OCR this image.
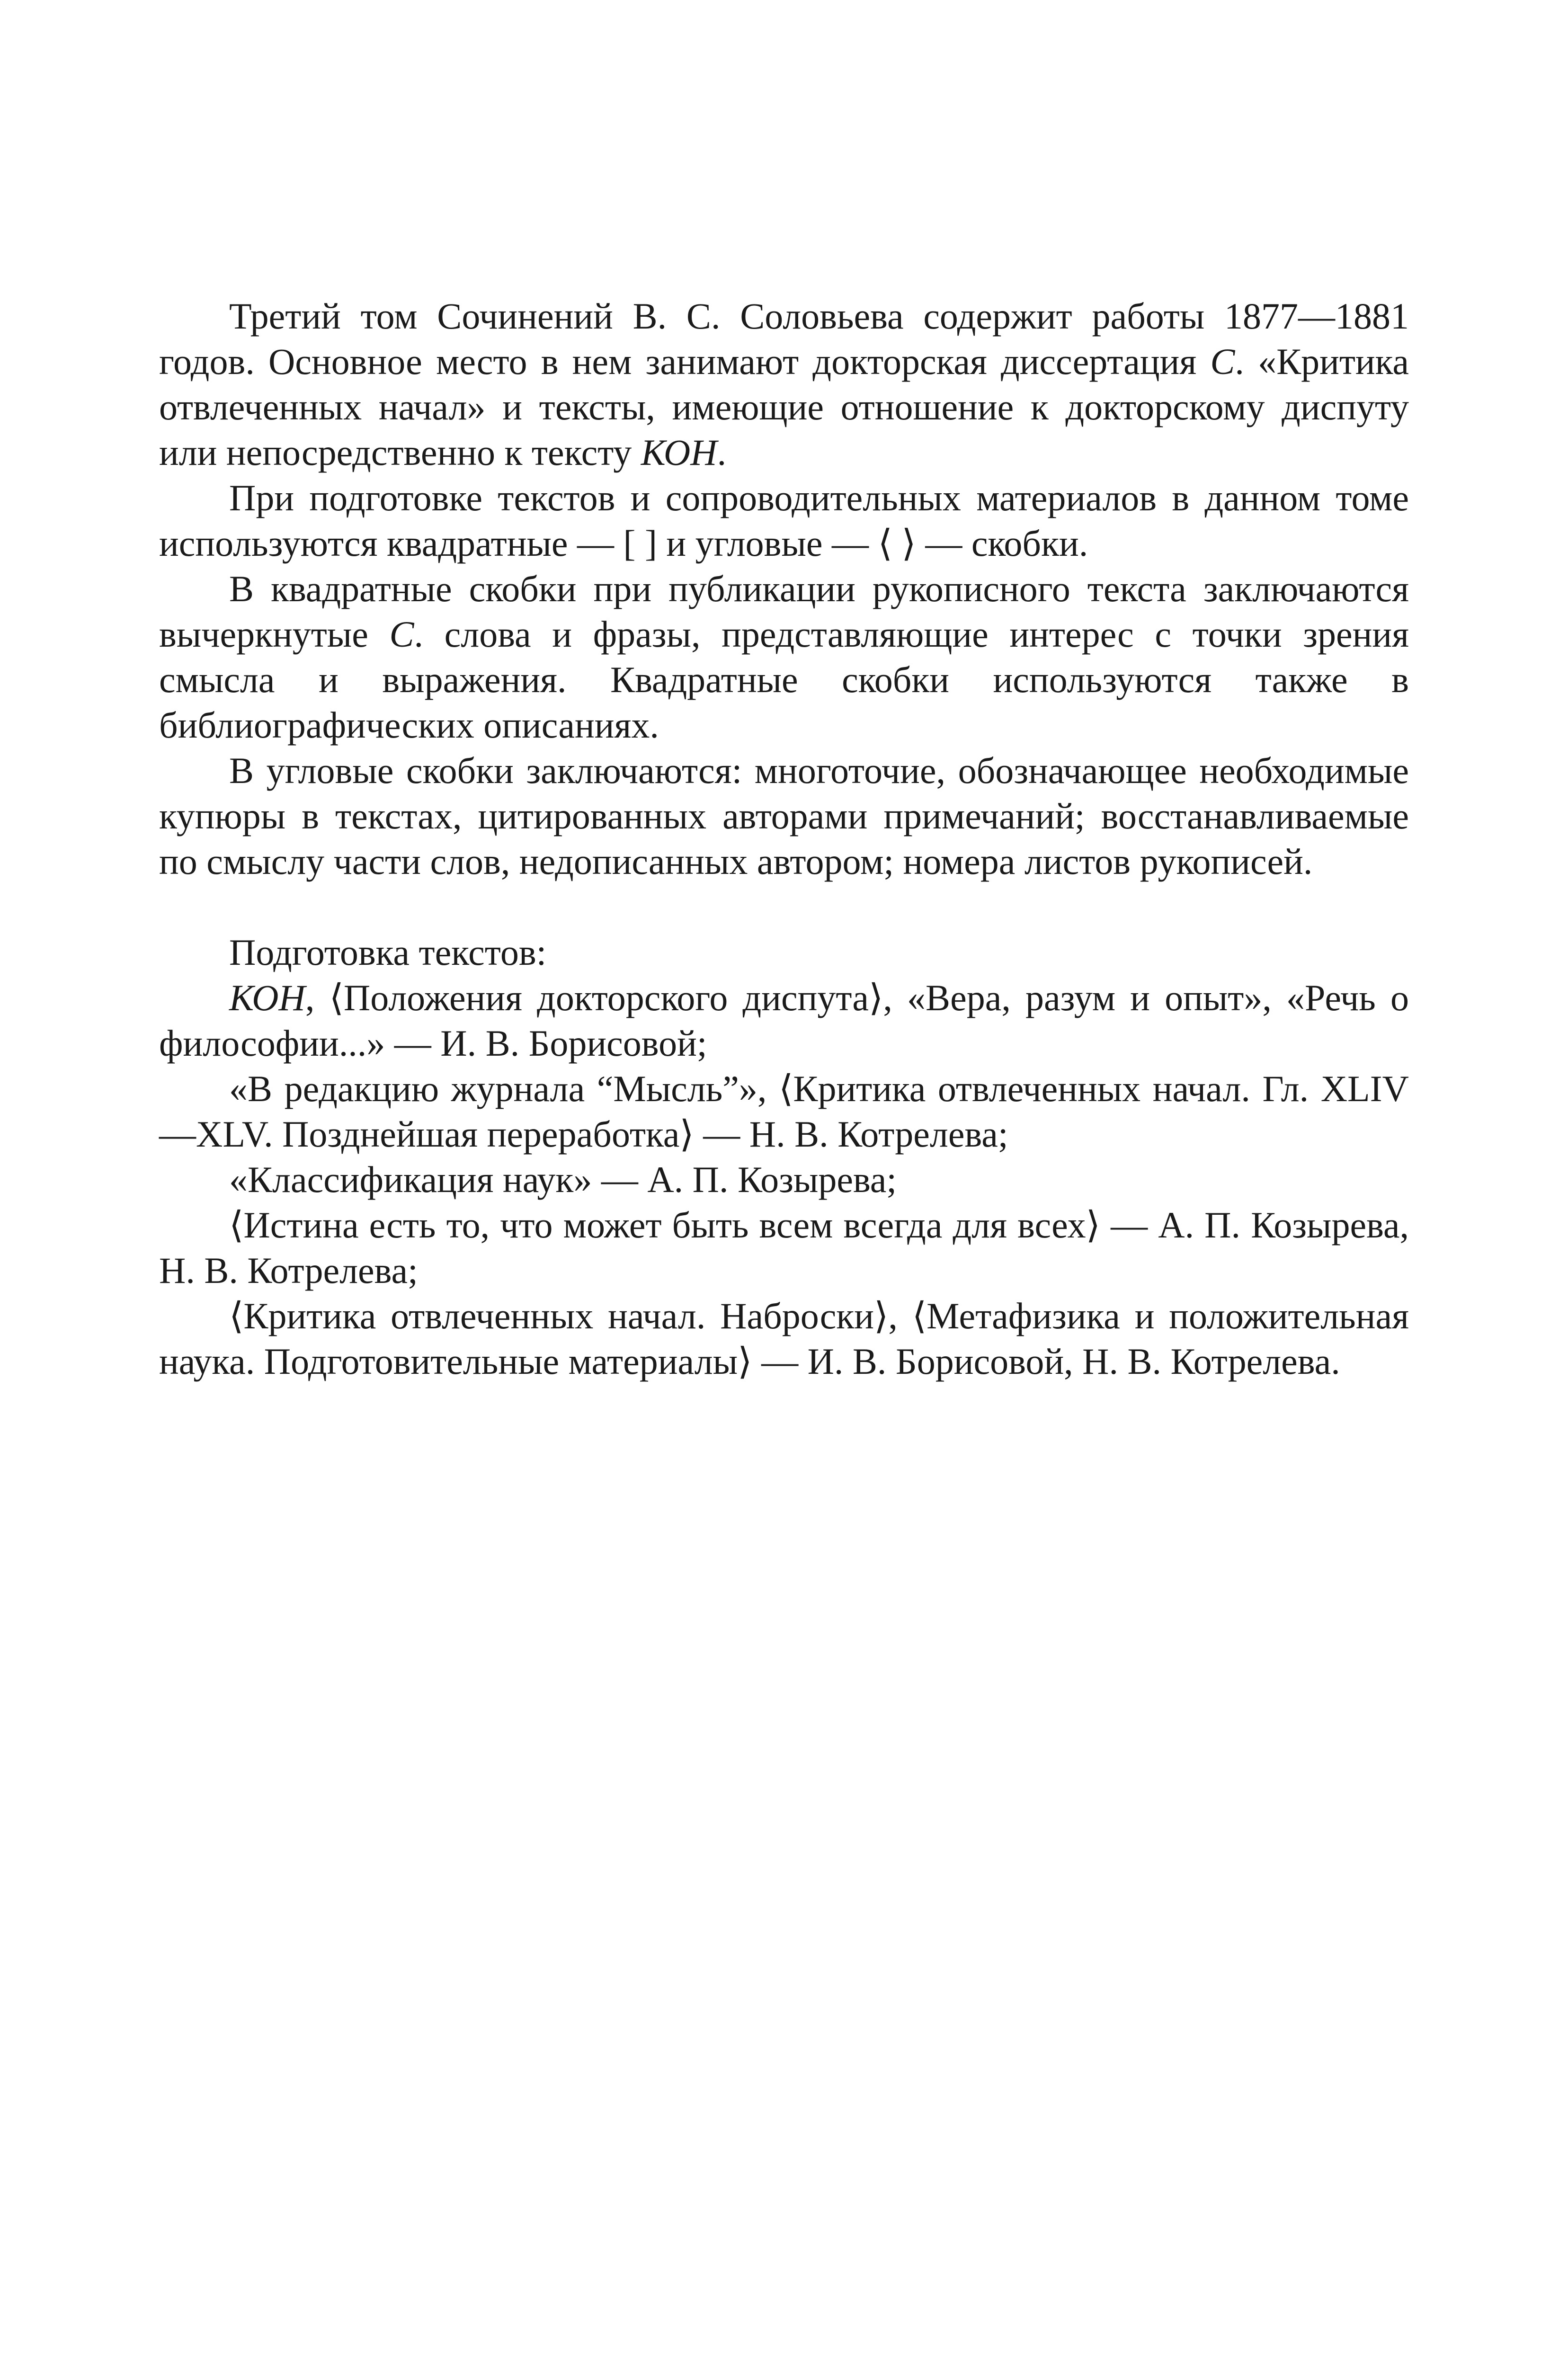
Третий том Сочинений В. С. Соловьева содержит работы 1877—1881 годов. Основное место в нем занимают докторская диссертация С. «Критика отвлеченных начал» и тексты, имеющие отношение к докторскому диспуту или непосредственно к тексту КОН.

При подготовке текстов и сопроводительных материалов в данном томе используются квадратные — [ ] и угловые — ⟨ ⟩ — скобки.

В квадратные скобки при публикации рукописного текста заключаются вычеркнутые С. слова и фразы, представляющие интерес с точки зрения смысла и выражения. Квадратные скобки используются также в библиографических описаниях.

В угловые скобки заключаются: многоточие, обозначающее необходимые купюры в текстах, цитированных авторами примечаний; восстанавливаемые по смыслу части слов, недописанных автором; номера листов рукописей.

Подготовка текстов:

КОН, ⟨Положения докторского диспута⟩, «Вера, разум и опыт», «Речь о философии...» — И. В. Борисовой;

«В редакцию журнала “Мысль”», ⟨Критика отвлеченных начал. Гл. XLIV—XLV. Позднейшая переработка⟩ — Н. В. Котрелева;

«Классификация наук» — А. П. Козырева;

⟨Истина есть то, что может быть всем всегда для всех⟩ — А. П. Козырева, Н. В. Котрелева;

⟨Критика отвлеченных начал. Наброски⟩, ⟨Метафизика и положительная наука. Подготовительные материалы⟩ — И. В. Борисовой, Н. В. Котрелева.
